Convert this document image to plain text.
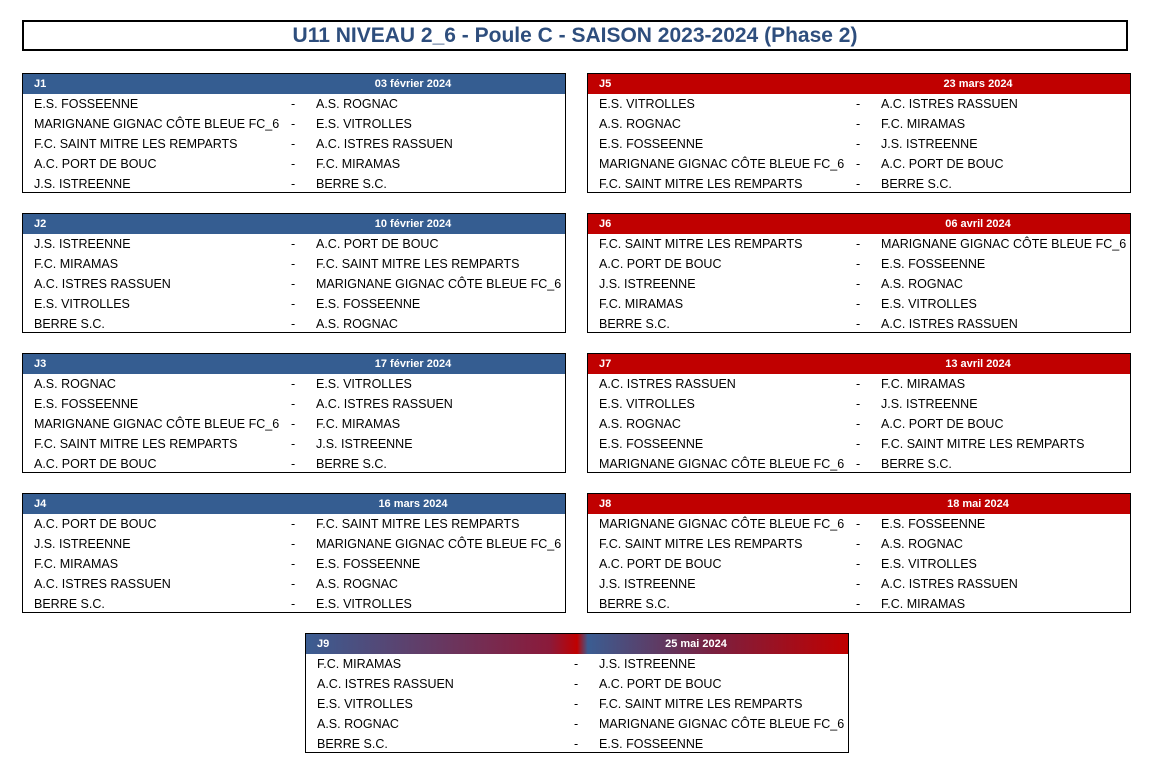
U11 NIVEAU 2_6 - Poule C - SAISON 2023-2024 (Phase 2)
J1	03 février 2024
E.S. FOSSEENNE	- A.S. ROGNAC
MARIGNANE GIGNAC CÔTE BLEUE FC_6 - E.S. VITROLLES
F.C. SAINT MITRE LES REMPARTS	- A.C. ISTRES RASSUEN
A.C. PORT DE BOUC	- F.C. MIRAMAS
J.S. ISTREENNE	- BERRE S.C.
J5	23 mars 2024
E.S. VITROLLES	- A.C. ISTRES RASSUEN
A.S. ROGNAC	- F.C. MIRAMAS
E.S. FOSSEENNE	- J.S. ISTREENNE
MARIGNANE GIGNAC CÔTE BLEUE FC_6 - A.C. PORT DE BOUC
F.C. SAINT MITRE LES REMPARTS	- BERRE S.C.
J2	10 février 2024
J.S. ISTREENNE	- A.C. PORT DE BOUC
F.C. MIRAMAS	- F.C. SAINT MITRE LES REMPARTS
A.C. ISTRES RASSUEN	- MARIGNANE GIGNAC CÔTE BLEUE FC_6
E.S. VITROLLES	- E.S. FOSSEENNE
BERRE S.C.	- A.S. ROGNAC
J6	06 avril 2024
F.C. SAINT MITRE LES REMPARTS	- MARIGNANE GIGNAC CÔTE BLEUE FC_6
A.C. PORT DE BOUC	- E.S. FOSSEENNE
J.S. ISTREENNE	- A.S. ROGNAC
F.C. MIRAMAS	- E.S. VITROLLES
BERRE S.C.	- A.C. ISTRES RASSUEN
J3	17 février 2024
A.S. ROGNAC	- E.S. VITROLLES
E.S. FOSSEENNE	- A.C. ISTRES RASSUEN
MARIGNANE GIGNAC CÔTE BLEUE FC_6 - F.C. MIRAMAS
F.C. SAINT MITRE LES REMPARTS	- J.S. ISTREENNE
A.C. PORT DE BOUC	- BERRE S.C.
J7	13 avril 2024
A.C. ISTRES RASSUEN	- F.C. MIRAMAS
E.S. VITROLLES	- J.S. ISTREENNE
A.S. ROGNAC	- A.C. PORT DE BOUC
E.S. FOSSEENNE	- F.C. SAINT MITRE LES REMPARTS
MARIGNANE GIGNAC CÔTE BLEUE FC_6 - BERRE S.C.
J4	16 mars 2024
A.C. PORT DE BOUC	- F.C. SAINT MITRE LES REMPARTS
J.S. ISTREENNE	- MARIGNANE GIGNAC CÔTE BLEUE FC_6
F.C. MIRAMAS	- E.S. FOSSEENNE
A.C. ISTRES RASSUEN	- A.S. ROGNAC
BERRE S.C.	- E.S. VITROLLES
J8	18 mai 2024
MARIGNANE GIGNAC CÔTE BLEUE FC_6 - E.S. FOSSEENNE
F.C. SAINT MITRE LES REMPARTS	- A.S. ROGNAC
A.C. PORT DE BOUC	- E.S. VITROLLES
J.S. ISTREENNE	- A.C. ISTRES RASSUEN
BERRE S.C.	- F.C. MIRAMAS
J9	25 mai 2024
F.C. MIRAMAS	- J.S. ISTREENNE
A.C. ISTRES RASSUEN	- A.C. PORT DE BOUC
E.S. VITROLLES	- F.C. SAINT MITRE LES REMPARTS
A.S. ROGNAC	- MARIGNANE GIGNAC CÔTE BLEUE FC_6
BERRE S.C.	- E.S. FOSSEENNE
